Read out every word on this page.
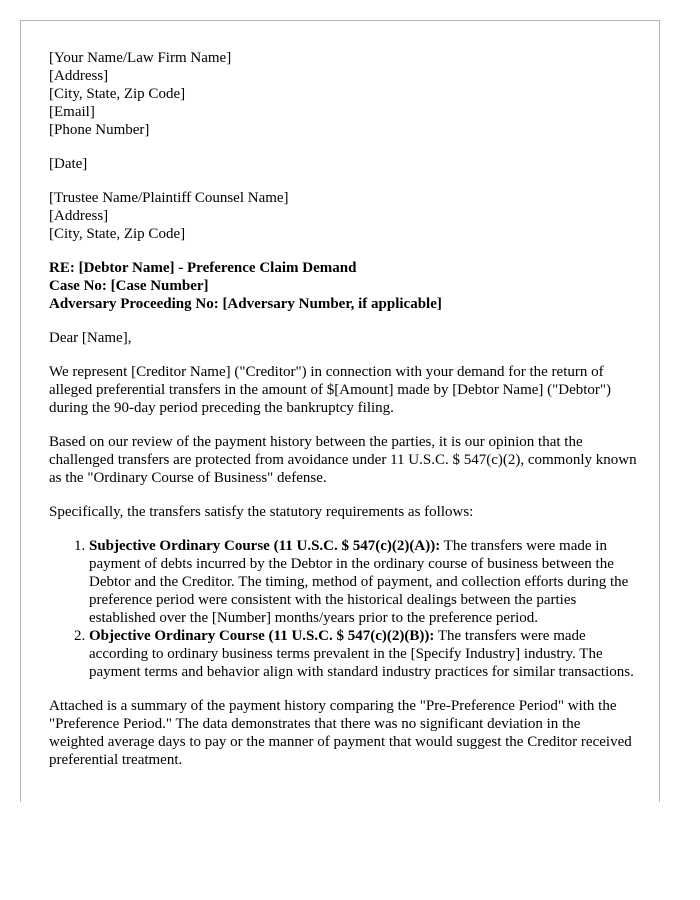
[Your Name/Law Firm Name]
[Address]
[City, State, Zip Code]
[Email]
[Phone Number]
[Date]
[Trustee Name/Plaintiff Counsel Name]
[Address]
[City, State, Zip Code]
RE: [Debtor Name] - Preference Claim Demand
Case No: [Case Number]
Adversary Proceeding No: [Adversary Number, if applicable]

Dear [Name],

We represent [Creditor Name] ("Creditor") in connection with your demand for the return of alleged preferential transfers in the amount of $[Amount] made by [Debtor Name] ("Debtor") during the 90-day period preceding the bankruptcy filing.

Based on our review of the payment history between the parties, it is our opinion that the challenged transfers are protected from avoidance under 11 U.S.C. $ 547(c)(2), commonly known as the "Ordinary Course of Business" defense.

Specifically, the transfers satisfy the statutory requirements as follows:

1. Subjective Ordinary Course (11 U.S.C. $ 547(c)(2)(A)): The transfers were made in payment of debts incurred by the Debtor in the ordinary course of business between the Debtor and the Creditor. The timing, method of payment, and collection efforts during the preference period were consistent with the historical dealings between the parties established over the [Number] months/years prior to the preference period.
2. Objective Ordinary Course (11 U.S.C. $ 547(c)(2)(B)): The transfers were made according to ordinary business terms prevalent in the [Specify Industry] industry. The payment terms and behavior align with standard industry practices for similar transactions.

Attached is a summary of the payment history comparing the "Pre-Preference Period" with the "Preference Period." The data demonstrates that there was no significant deviation in the weighted average days to pay or the manner of payment that would suggest the Creditor received preferential treatment.
